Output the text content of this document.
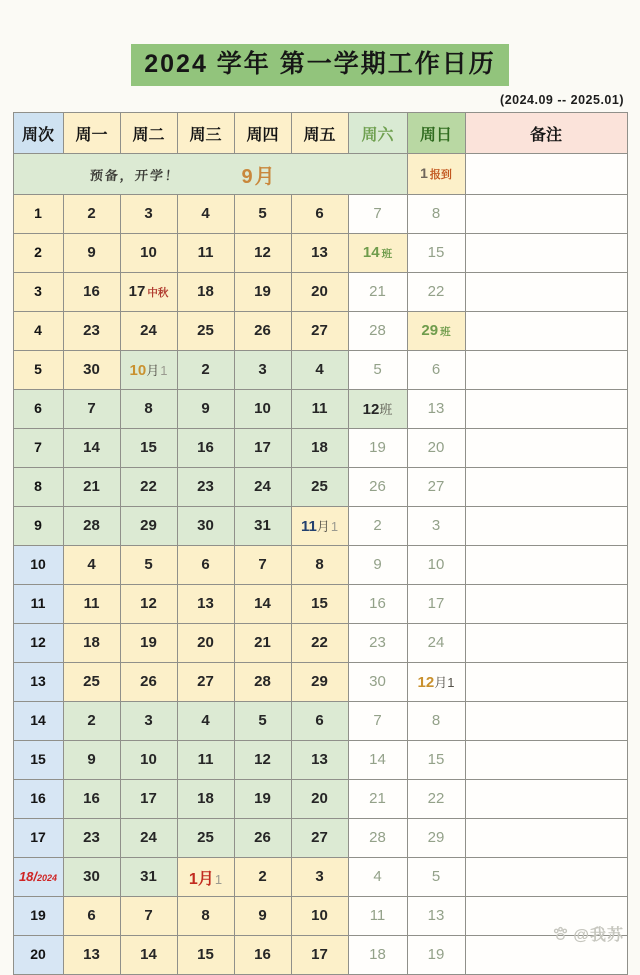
2024 学年 第一学期工作日历
(2024.09 -- 2025.01)
周次	周一	周二	周三	周四	周五	周六	周日	备注

预备，开学！ 9月							1 报到	
1	2	3	4	5	6	7	8	
2	9	10	11	12	13	14 班	15	
3	16	17 中秋	18	19	20	21	22	
4	23	24	25	26	27	28	29 班	
5	30	10月1	2	3	4	5	6	
6	7	8	9	10	11	12班	13	
7	14	15	16	17	18	19	20	
8	21	22	23	24	25	26	27	
9	28	29	30	31	11月1	2	3	
10	4	5	6	7	8	9	10	
11	11	12	13	14	15	16	17	
12	18	19	20	21	22	23	24	
13	25	26	27	28	29	30	12月1	
14	2	3	4	5	6	7	8	
15	9	10	11	12	13	14	15	
16	16	17	18	19	20	21	22	
17	23	24	25	26	27	28	29	
18/2024	30	31	1月1	2	3	4	5	
19	6	7	8	9	10	11	13	
20	13	14	15	16	17	18	19	
@我苏
